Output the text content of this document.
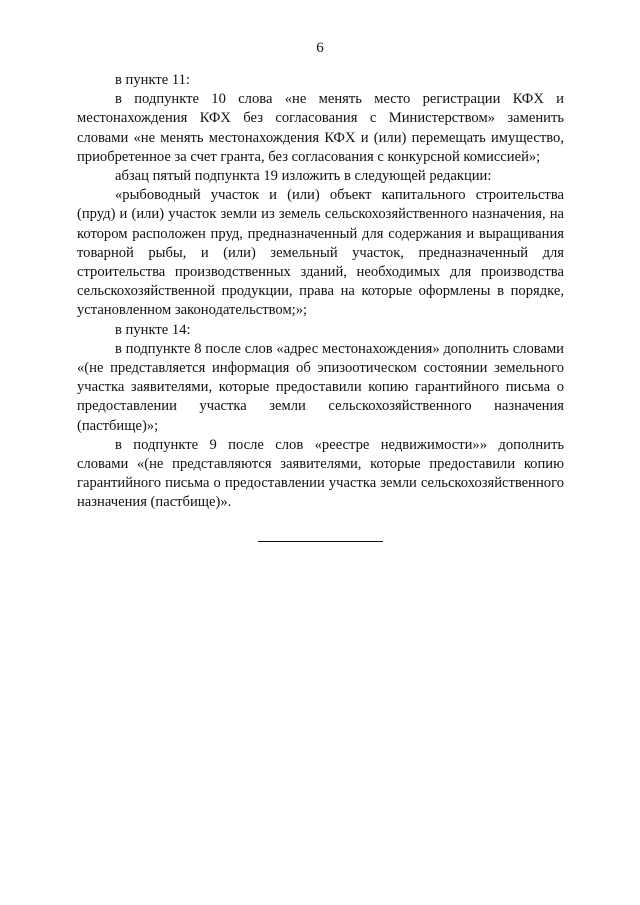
6

в пункте 11:

в подпункте 10 слова «не менять место регистрации КФХ и местонахождения КФХ без согласования с Министерством» заменить словами «не менять местонахождения КФХ и (или) перемещать имущество, приобретенное за счет гранта, без согласования с конкурсной комиссией»;

абзац пятый подпункта 19 изложить в следующей редакции:

«рыбоводный участок и (или) объект капитального строительства (пруд) и (или) участок земли из земель сельскохозяйственного назначения, на котором расположен пруд, предназначенный для содержания и выращивания товарной рыбы, и (или) земельный участок, предназначенный для строительства производственных зданий, необходимых для производства сельскохозяйственной продукции, права на которые оформлены в порядке, установленном законодательством;»;

в пункте 14:

в подпункте 8 после слов «адрес местонахождения» дополнить словами «(не представляется информация об эпизоотическом состоянии земельного участка заявителями, которые предоставили копию гарантийного письма о предоставлении участка земли сельскохозяйственного назначения (пастбище)»;

в подпункте 9 после слов «реестре недвижимости»» дополнить словами «(не представляются заявителями, которые предоставили копию гарантийного письма о предоставлении участка земли сельскохозяйственного назначения (пастбище)».
